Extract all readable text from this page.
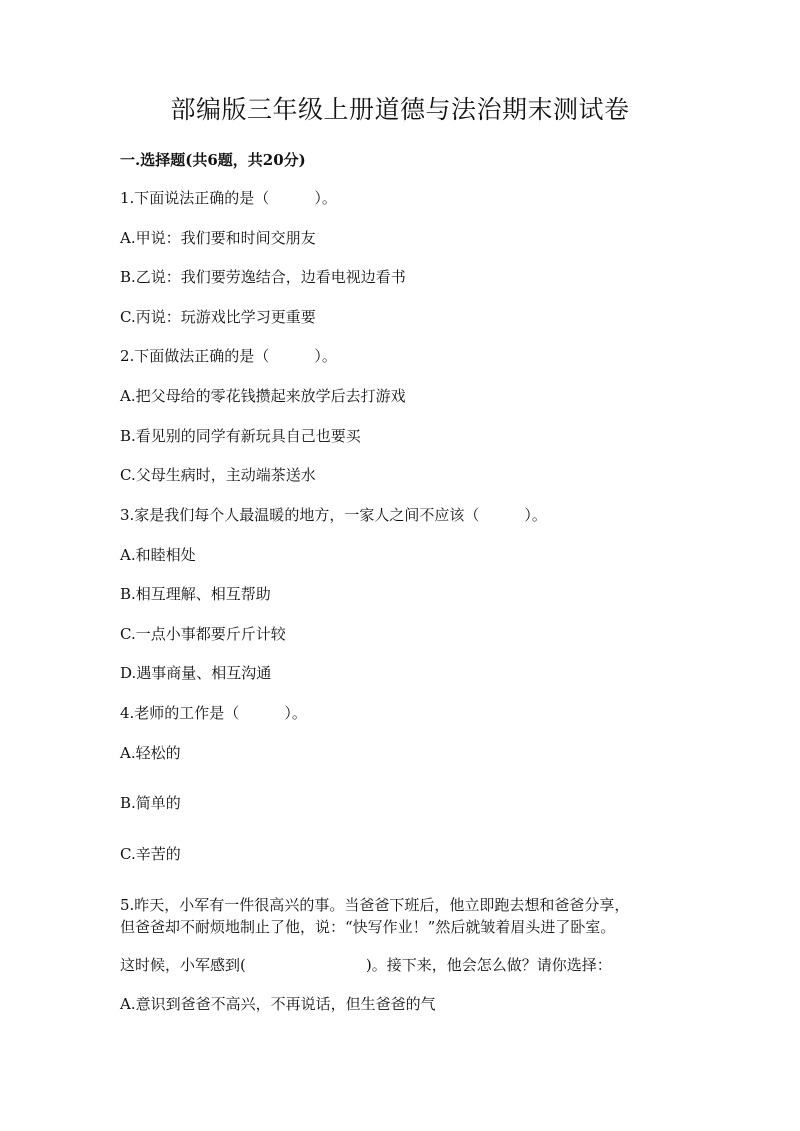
部编版三年级上册道德与法治期末测试卷
一.选择题(共6题，共20分)
1.下面说法正确的是（　　　）。
A.甲说：我们要和时间交朋友
B.乙说：我们要劳逸结合，边看电视边看书
C.丙说：玩游戏比学习更重要
2.下面做法正确的是（　　　）。
A.把父母给的零花钱攒起来放学后去打游戏
B.看见别的同学有新玩具自己也要买
C.父母生病时，主动端茶送水
3.家是我们每个人最温暖的地方，一家人之间不应该（　　　）。
A.和睦相处
B.相互理解、相互帮助
C.一点小事都要斤斤计较
D.遇事商量、相互沟通
4.老师的工作是（　　　）。
A.轻松的
B.简单的
C.辛苦的
5.昨天，小军有一件很高兴的事。当爸爸下班后，他立即跑去想和爸爸分享，
但爸爸却不耐烦地制止了他，说：“快写作业！”然后就皱着眉头进了卧室。
这时候，小军感到(　　　　　　　　)。接下来，他会怎么做？请你选择：
A.意识到爸爸不高兴，不再说话，但生爸爸的气
